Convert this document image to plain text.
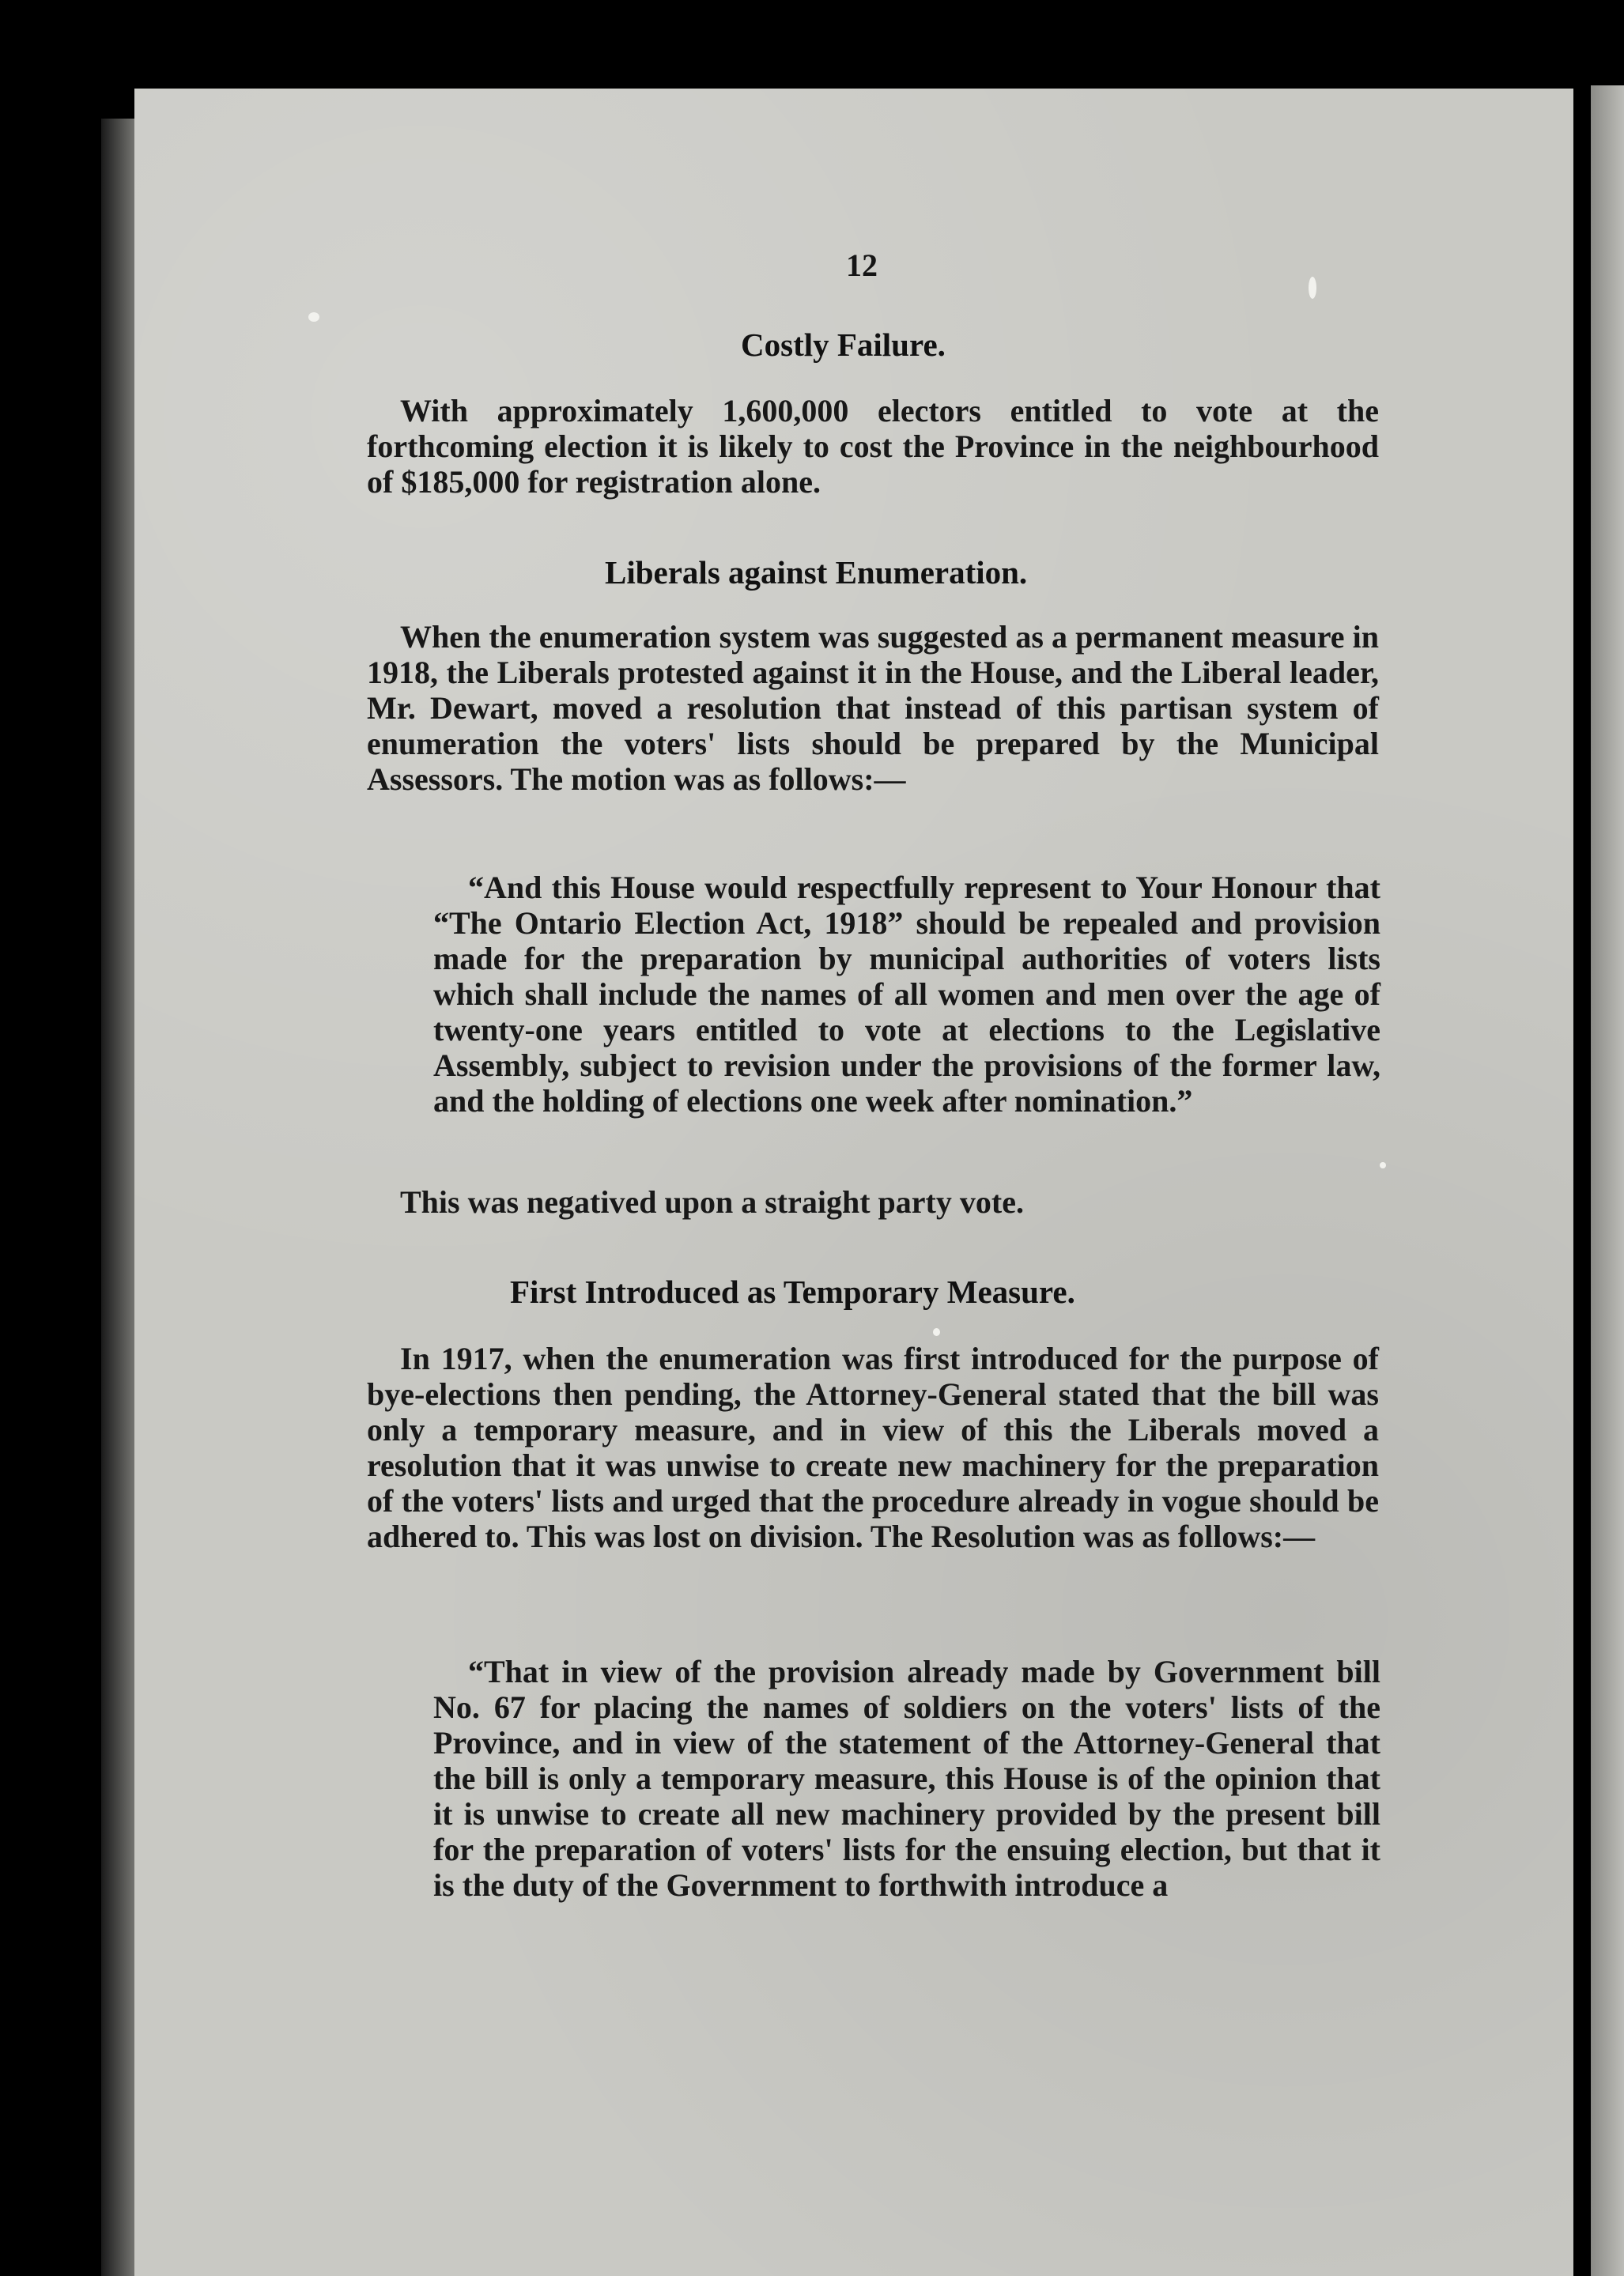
12
Costly Failure.
With approximately 1,600,000 electors entitled to vote at the forthcoming election it is likely to cost the Province in the neighbourhood of $185,000 for registration alone.
Liberals against Enumeration.
When the enumeration system was suggested as a permanent measure in 1918, the Liberals protested against it in the House, and the Liberal leader, Mr. Dewart, moved a resolution that instead of this partisan system of enumeration the voters' lists should be prepared by the Municipal Assessors. The motion was as follows:—
“And this House would respectfully represent to Your Honour that “The Ontario Election Act, 1918” should be repealed and provision made for the preparation by municipal authorities of voters lists which shall include the names of all women and men over the age of twenty-one years entitled to vote at elections to the Legislative Assembly, subject to revision under the provisions of the former law, and the holding of elections one week after nomination.”
This was negatived upon a straight party vote.
First Introduced as Temporary Measure.
In 1917, when the enumeration was first introduced for the purpose of bye-elections then pending, the Attorney-General stated that the bill was only a temporary measure, and in view of this the Liberals moved a resolution that it was unwise to create new machinery for the preparation of the voters' lists and urged that the procedure already in vogue should be adhered to. This was lost on division. The Resolution was as follows:—
“That in view of the provision already made by Government bill No. 67 for placing the names of soldiers on the voters' lists of the Province, and in view of the statement of the Attorney-General that the bill is only a temporary measure, this House is of the opinion that it is unwise to create all new machinery provided by the present bill for the preparation of voters' lists for the ensuing election, but that it is the duty of the Government to forthwith introduce a
